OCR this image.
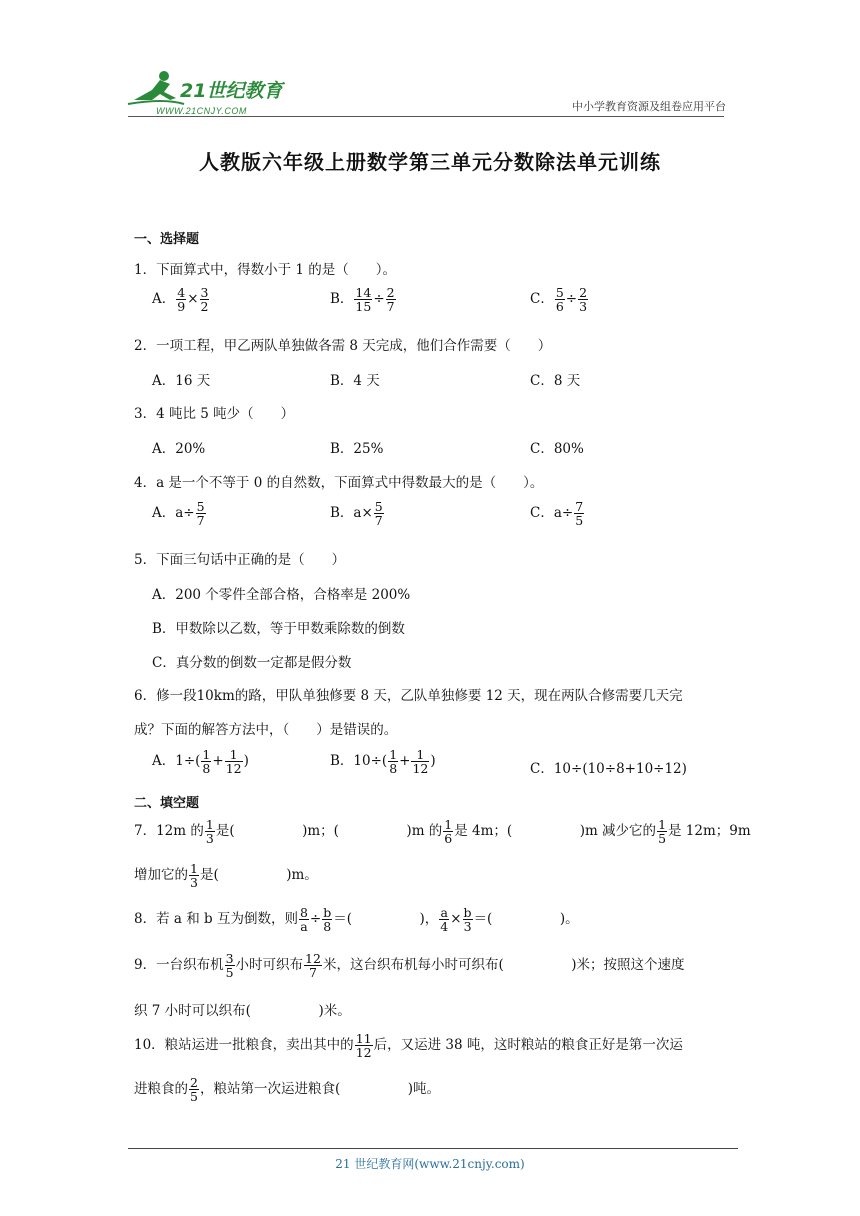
21世纪教育
WWW.21CNJY.COM	中小学教育资源及组卷应用平台
人教版六年级上册数学第三单元分数除法单元训练
一、选择题
1．下面算式中，得数小于 1 的是（　　）。
A． $\frac{4}{9} \times \frac{3}{2}$	B． $\frac{14}{15} \div \frac{2}{7}$	C． $\frac{5}{6} \div \frac{2}{3}$
2．一项工程，甲乙两队单独做各需 8 天完成，他们合作需要（　　）
A．16 天	B．4 天	C．8 天
3．4 吨比 5 吨少（　　）
A．20%	B．25%	C．80%
4．a 是一个不等于 0 的自然数，下面算式中得数最大的是（　　）。
A．$a\div \frac{5}{7}$	B．$a\times \frac{5}{7}$	C．$a\div \frac{7}{5}$
5．下面三句话中正确的是（　　）
A．200 个零件全部合格，合格率是 200%
B．甲数除以乙数，等于甲数乘除数的倒数
C．真分数的倒数一定都是假分数
6．修一段10km的路，甲队单独修要 8 天，乙队单独修要 12 天，现在两队合修需要几天完
成？下面的解答方法中，（　　）是错误的。
A．$1\div( \frac{1}{8} + \frac{1}{12}$ )	B．$10\div( \frac{1}{8} + \frac{1}{12}$ )	C．10÷(10÷8+10÷12)
二、填空题
7．12m 的 $\frac{1}{3}$ 是(　　　　　)m；(　　　　　)m 的 $\frac{1}{6}$ 是 4m；(　　　　　)m 减少它的 $\frac{1}{5}$ 是 12m；9m
增加它的 $\frac{1}{3}$ 是(　　　　　)m。
8．若 a 和 b 互为倒数，则 $\frac{8}{a} \div \frac{b}{8}$ ＝(　　　　　)， $\frac{a}{4} \times \frac{b}{3}$ ＝(　　　　　)。
9．一台织布机 $\frac{3}{5}$ 小时可织布 $\frac{12}{7}$ 米，这台织布机每小时可织布(　　　　　)米；按照这个速度
织 7 小时可以织布(　　　　　)米。
10．粮站运进一批粮食，卖出其中的 $\frac{11}{12}$ 后，又运进 38 吨，这时粮站的粮食正好是第一次运
进粮食的 $\frac{2}{5}$ ，粮站第一次运进粮食(　　　　　)吨。
21 世纪教育网(www.21cnjy.com)
